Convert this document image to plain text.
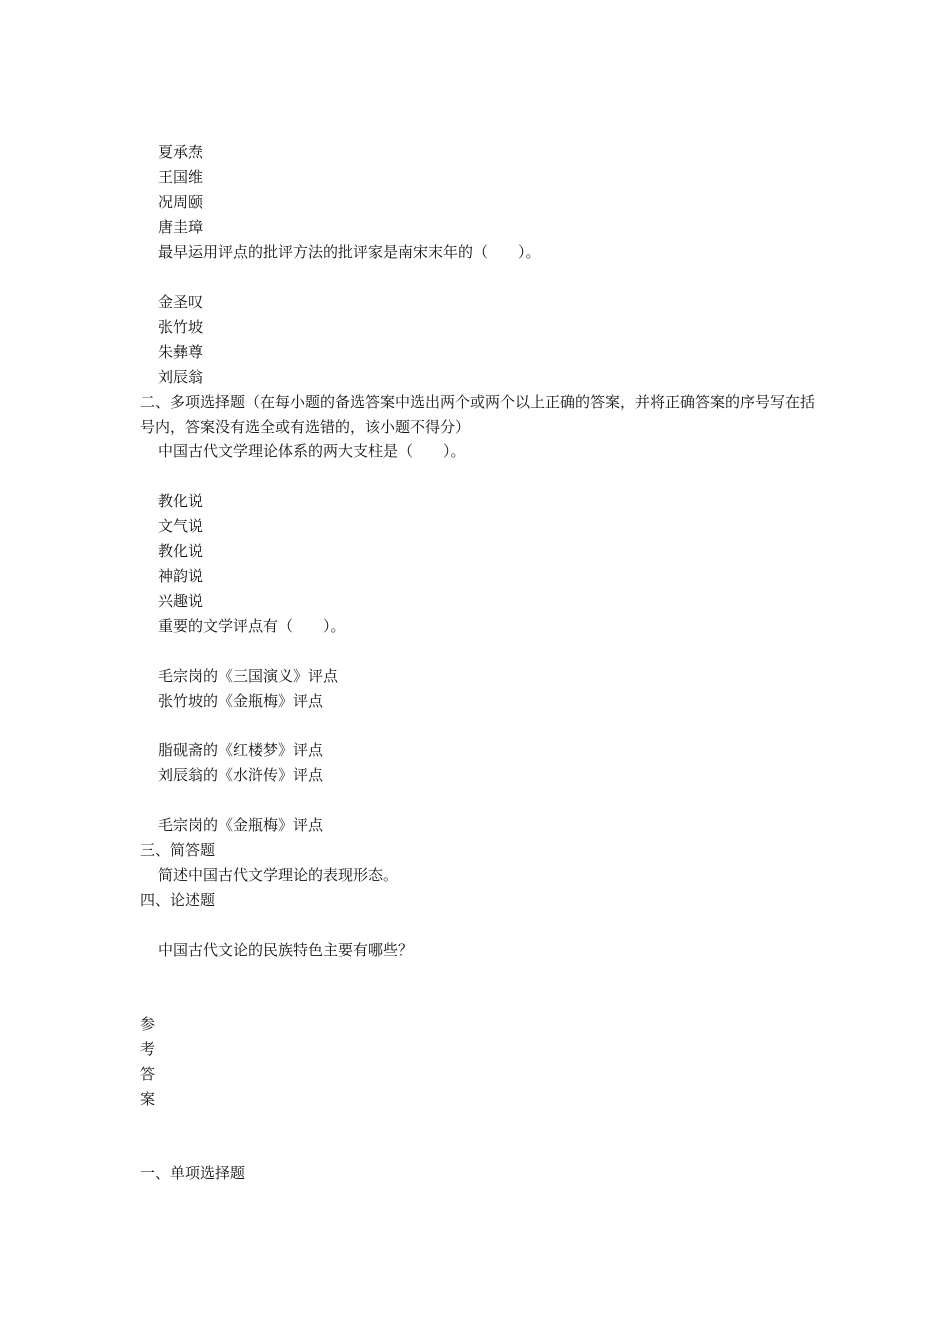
夏承焘
王国维
况周颐
唐圭璋
最早运用评点的批评方法的批评家是南宋末年的（　　）。
金圣叹
张竹坡
朱彝尊
刘辰翁
二、多项选择题（在每小题的备选答案中选出两个或两个以上正确的答案，并将正确答案的序号写在括号内，答案没有选全或有选错的，该小题不得分）
中国古代文学理论体系的两大支柱是（　　）。
教化说
文气说
教化说
神韵说
兴趣说
重要的文学评点有（　　）。
毛宗岗的《三国演义》评点
张竹坡的《金瓶梅》评点
脂砚斋的《红楼梦》评点
刘辰翁的《水浒传》评点
毛宗岗的《金瓶梅》评点
三、简答题
简述中国古代文学理论的表现形态。
四、论述题
中国古代文论的民族特色主要有哪些？
参
考
答
案
一、单项选择题
